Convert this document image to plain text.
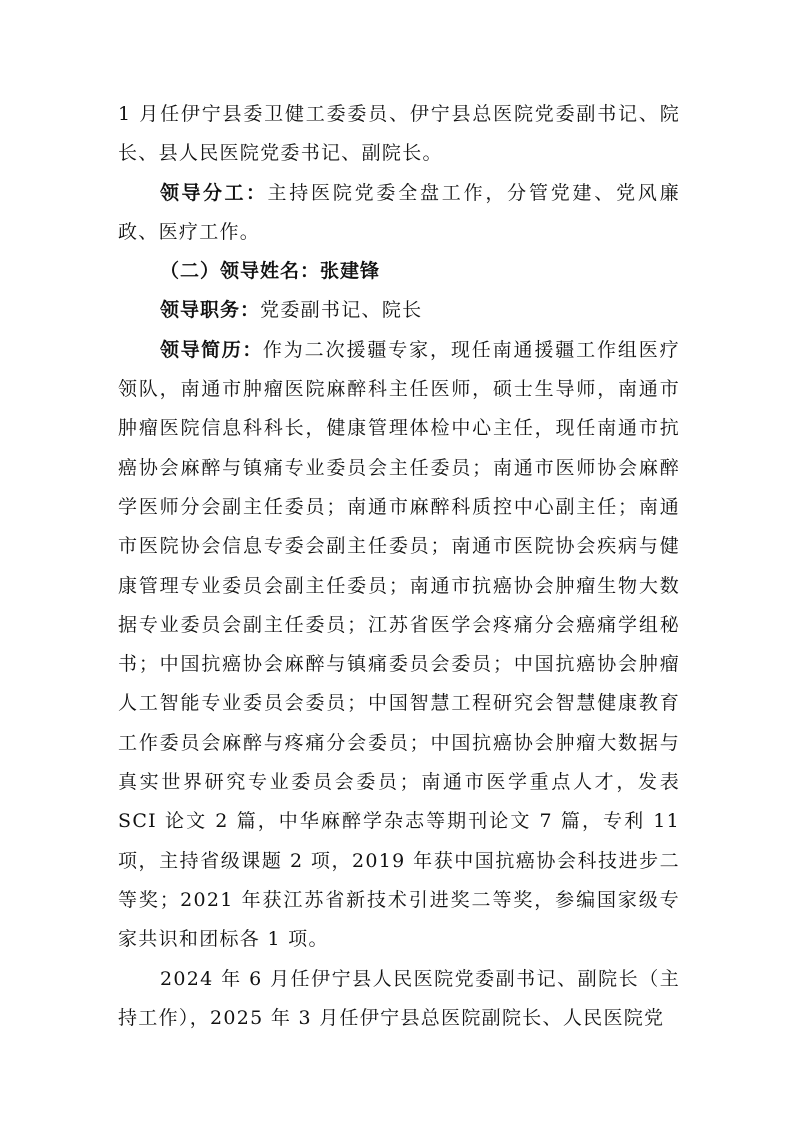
1 月任伊宁县委卫健工委委员、伊宁县总医院党委副书记、院长、县人民医院党委书记、副院长。

领导分工：主持医院党委全盘工作，分管党建、党风廉政、医疗工作。

（二）领导姓名：张建锋

领导职务：党委副书记、院长

领导简历：作为二次援疆专家，现任南通援疆工作组医疗领队，南通市肿瘤医院麻醉科主任医师，硕士生导师，南通市肿瘤医院信息科科长，健康管理体检中心主任，现任南通市抗癌协会麻醉与镇痛专业委员会主任委员；南通市医师协会麻醉学医师分会副主任委员；南通市麻醉科质控中心副主任；南通市医院协会信息专委会副主任委员；南通市医院协会疾病与健康管理专业委员会副主任委员；南通市抗癌协会肿瘤生物大数据专业委员会副主任委员；江苏省医学会疼痛分会癌痛学组秘书；中国抗癌协会麻醉与镇痛委员会委员；中国抗癌协会肿瘤人工智能专业委员会委员；中国智慧工程研究会智慧健康教育工作委员会麻醉与疼痛分会委员；中国抗癌协会肿瘤大数据与真实世界研究专业委员会委员；南通市医学重点人才，发表 SCI 论文 2 篇，中华麻醉学杂志等期刊论文 7 篇，专利 11 项，主持省级课题 2 项，2019 年获中国抗癌协会科技进步二等奖；2021 年获江苏省新技术引进奖二等奖，参编国家级专家共识和团标各 1 项。

2024 年 6 月任伊宁县人民医院党委副书记、副院长（主持工作），2025 年 3 月任伊宁县总医院副院长、人民医院党
